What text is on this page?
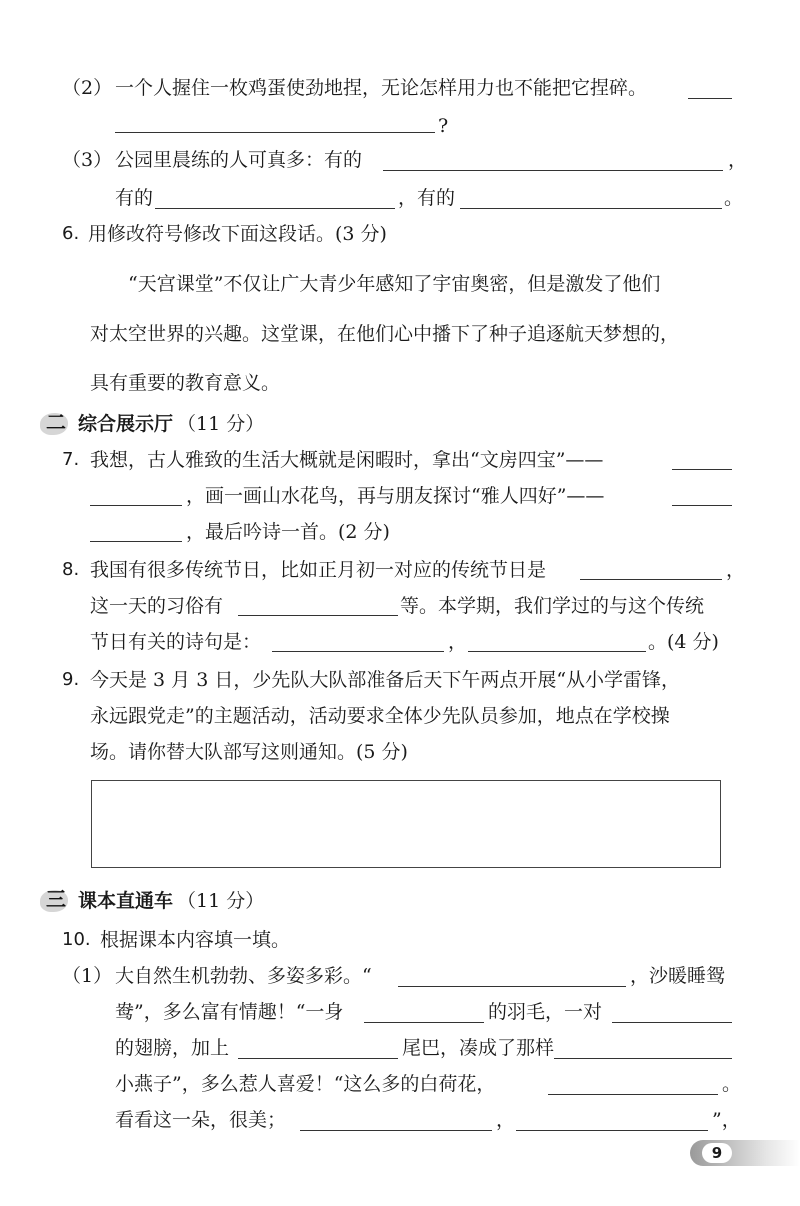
（2） 一个人握住一枚鸡蛋使劲地捏，无论怎样用力也不能把它捏碎。
?
（3） 公园里晨练的人可真多：有的	，
有的	，有的	。
6. 用修改符号修改下面这段话。(3 分)
“天宫课堂”不仅让广大青少年感知了宇宙奥密，但是激发了他们
对太空世界的兴趣。这堂课，在他们心中播下了种子追逐航天梦想的，
具有重要的教育意义。
二 综合展示厅 （11 分）
7. 我想，古人雅致的生活大概就是闲暇时，拿出“文房四宝”——
，画一画山水花鸟，再与朋友探讨“雅人四好”——
，最后吟诗一首。(2 分)
8. 我国有很多传统节日，比如正月初一对应的传统节日是	，
这一天的习俗有	等。本学期，我们学过的与这个传统
节日有关的诗句是：	，	。(4 分)
9. 今天是 3 月 3 日，少先队大队部准备后天下午两点开展“从小学雷锋，
永远跟党走”的主题活动，活动要求全体少先队员参加，地点在学校操
场。请你替大队部写这则通知。(5 分)
三 课本直通车 （11 分）
10. 根据课本内容填一填。
（1） 大自然生机勃勃、多姿多彩。“	，沙暖睡鸳
鸯”，多么富有情趣！“一身	的羽毛，一对
的翅膀，加上	尾巴，凑成了那样
小燕子”，多么惹人喜爱！“这么多的白荷花，	。
看看这一朵，很美；	，	”，
9
